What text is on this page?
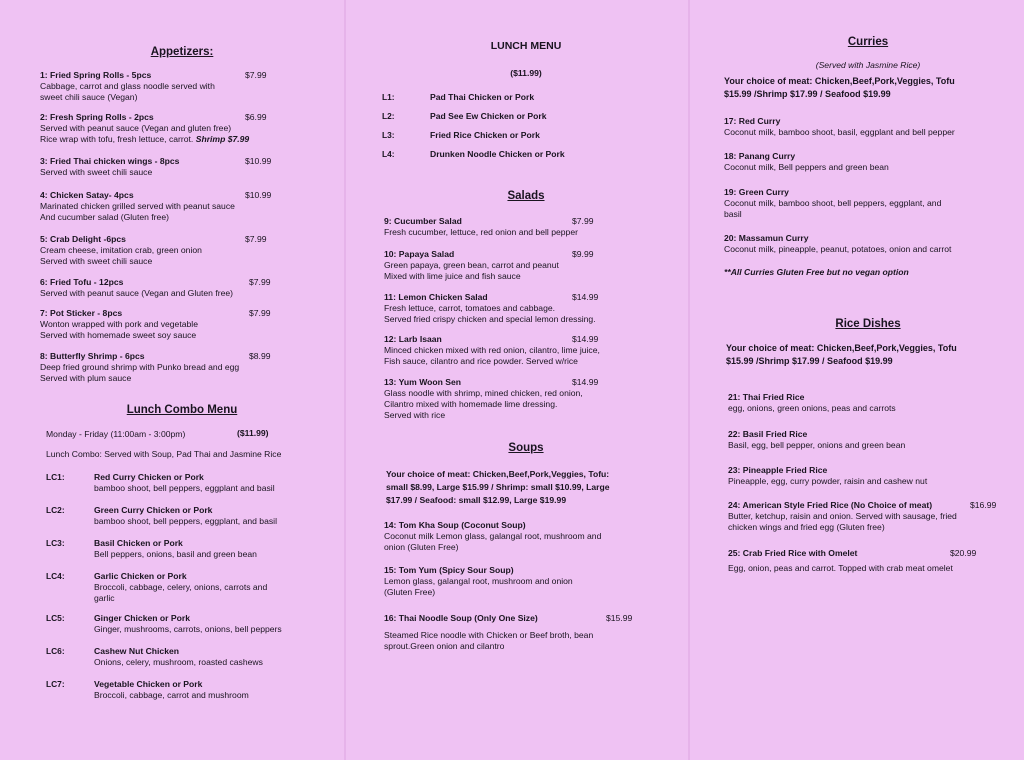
Appetizers:
1: Fried Spring Rolls - 5pcs	$7.99
Cabbage, carrot and glass noodle served with
sweet chili sauce (Vegan)
2: Fresh Spring Rolls - 2pcs	$6.99
Served with peanut sauce (Vegan and gluten free)
Rice wrap with tofu, fresh lettuce, carrot. Shrimp $7.99
3: Fried Thai chicken wings - 8pcs	$10.99
Served with sweet chili sauce
4: Chicken Satay- 4pcs	$10.99
Marinated chicken grilled served with peanut sauce
And cucumber salad (Gluten free)
5: Crab Delight -6pcs	$7.99
Cream cheese, imitation crab, green onion
Served with sweet chili sauce
6: Fried Tofu - 12pcs	$7.99
Served with peanut sauce (Vegan and Gluten free)
7: Pot Sticker - 8pcs	$7.99
Wonton wrapped with pork and vegetable
Served with homemade sweet soy sauce
8: Butterfly Shrimp - 6pcs	$8.99
Deep fried ground shrimp with Punko bread and egg
Served with plum sauce
Lunch Combo Menu
Monday - Friday (11:00am - 3:00pm)	($11.99)
Lunch Combo: Served with Soup, Pad Thai and Jasmine Rice
LC1:	Red Curry Chicken or Pork
bamboo shoot, bell peppers, eggplant and basil
LC2:	Green Curry Chicken or Pork
bamboo shoot, bell peppers, eggplant, and basil
LC3:	Basil Chicken or Pork
Bell peppers, onions, basil and green bean
LC4:	Garlic Chicken or Pork
Broccoli, cabbage, celery, onions, carrots and
garlic
LC5:	Ginger Chicken or Pork
Ginger, mushrooms, carrots, onions, bell peppers
LC6:	Cashew Nut Chicken
Onions, celery, mushroom, roasted cashews
LC7:	Vegetable Chicken or Pork
Broccoli, cabbage, carrot and mushroom
LUNCH MENU
($11.99)
L1:	Pad Thai Chicken or Pork
L2:	Pad See Ew Chicken or Pork
L3:	Fried Rice Chicken or Pork
L4:	Drunken Noodle Chicken or Pork
Salads
9: Cucumber Salad	$7.99
Fresh cucumber, lettuce, red onion and bell pepper
10: Papaya Salad	$9.99
Green papaya, green bean, carrot and peanut
Mixed with lime juice and fish sauce
11: Lemon Chicken Salad	$14.99
Fresh lettuce, carrot, tomatoes and cabbage.
Served fried crispy chicken and special lemon dressing.
12: Larb Isaan	$14.99
Minced chicken mixed with red onion, cilantro, lime juice,
Fish sauce, cilantro and rice powder. Served w/rice
13: Yum Woon Sen	$14.99
Glass noodle with shrimp, mined chicken, red onion,
Cilantro mixed with homemade lime dressing.
Served with rice
Soups
Your choice of meat: Chicken,Beef,Pork,Veggies, Tofu:
small $8.99, Large $15.99 / Shrimp: small $10.99, Large
$17.99 / Seafood: small $12.99, Large $19.99
14: Tom Kha Soup (Coconut Soup)
Coconut milk Lemon glass, galangal root, mushroom and
onion (Gluten Free)
15: Tom Yum (Spicy Sour Soup)
Lemon glass, galangal root, mushroom and onion
(Gluten Free)
16: Thai Noodle Soup (Only One Size)	$15.99
Steamed Rice noodle with Chicken or Beef broth, bean
sprout.Green onion and cilantro
Curries
(Served with Jasmine Rice)
Your choice of meat: Chicken,Beef,Pork,Veggies, Tofu
$15.99 /Shrimp $17.99 / Seafood $19.99
17: Red Curry
Coconut milk, bamboo shoot, basil, eggplant and bell pepper
18: Panang Curry
Coconut milk, Bell peppers and green bean
19: Green Curry
Coconut milk, bamboo shoot, bell peppers, eggplant, and
basil
20: Massamun Curry
Coconut milk, pineapple, peanut, potatoes, onion and carrot
**All Curries Gluten Free but no vegan option
Rice Dishes
Your choice of meat: Chicken,Beef,Pork,Veggies, Tofu
$15.99 /Shrimp $17.99 / Seafood $19.99
21: Thai Fried Rice
egg, onions, green onions, peas and carrots
22: Basil Fried Rice
Basil, egg, bell pepper, onions and green bean
23: Pineapple Fried Rice
Pineapple, egg, curry powder, raisin and cashew nut
24: American Style Fried Rice (No Choice of meat)	$16.99
Butter, ketchup, raisin and onion. Served with sausage, fried
chicken wings and fried egg (Gluten free)
25: Crab Fried Rice with Omelet	$20.99
Egg, onion, peas and carrot. Topped with crab meat omelet
